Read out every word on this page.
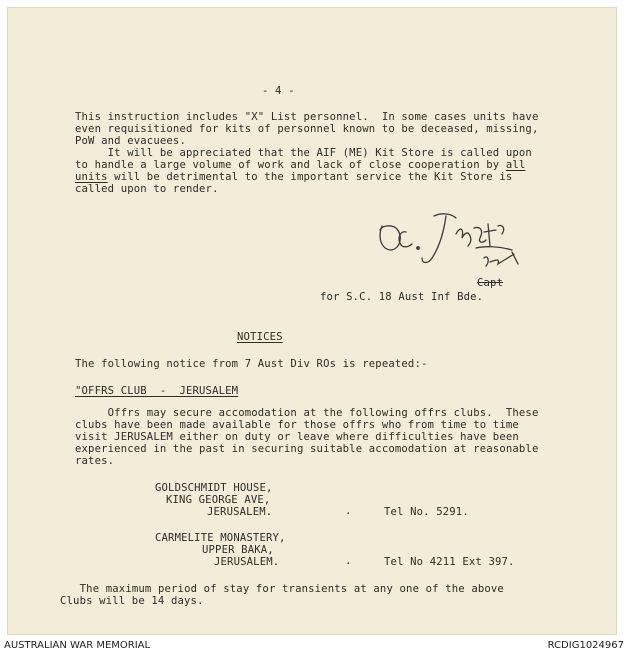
- 4 -
This instruction includes "X" List personnel.  In some cases units have
even requisitioned for kits of personnel known to be deceased, missing,
PoW and evacuees.
It will be appreciated that the AIF (ME) Kit Store is called upon
to handle a large volume of work and lack of close cooperation by all
units will be detrimental to the important service the Kit Store is
called upon to render.
for S.C. 18 Aust Inf Bde.
Capt
NOTICES
The following notice from 7 Aust Div ROs is repeated:-
"OFFRS CLUB  -  JERUSALEM
Offrs may secure accomodation at the following offrs clubs.  These
clubs have been made available for those offrs who from time to time
visit JERUSALEM either on duty or leave where difficulties have been
experienced in the past in securing suitable accomodation at reasonable
rates.
GOLDSCHMIDT HOUSE,
KING GEORGE AVE,
JERUSALEM.	·	Tel No. 5291.
CARMELITE MONASTERY,
UPPER BAKA,
JERUSALEM.	·	Tel No 4211 Ext 397.
The maximum period of stay for transients at any one of the above
Clubs will be 14 days.
AUSTRALIAN WAR MEMORIAL	RCDIG1024967
